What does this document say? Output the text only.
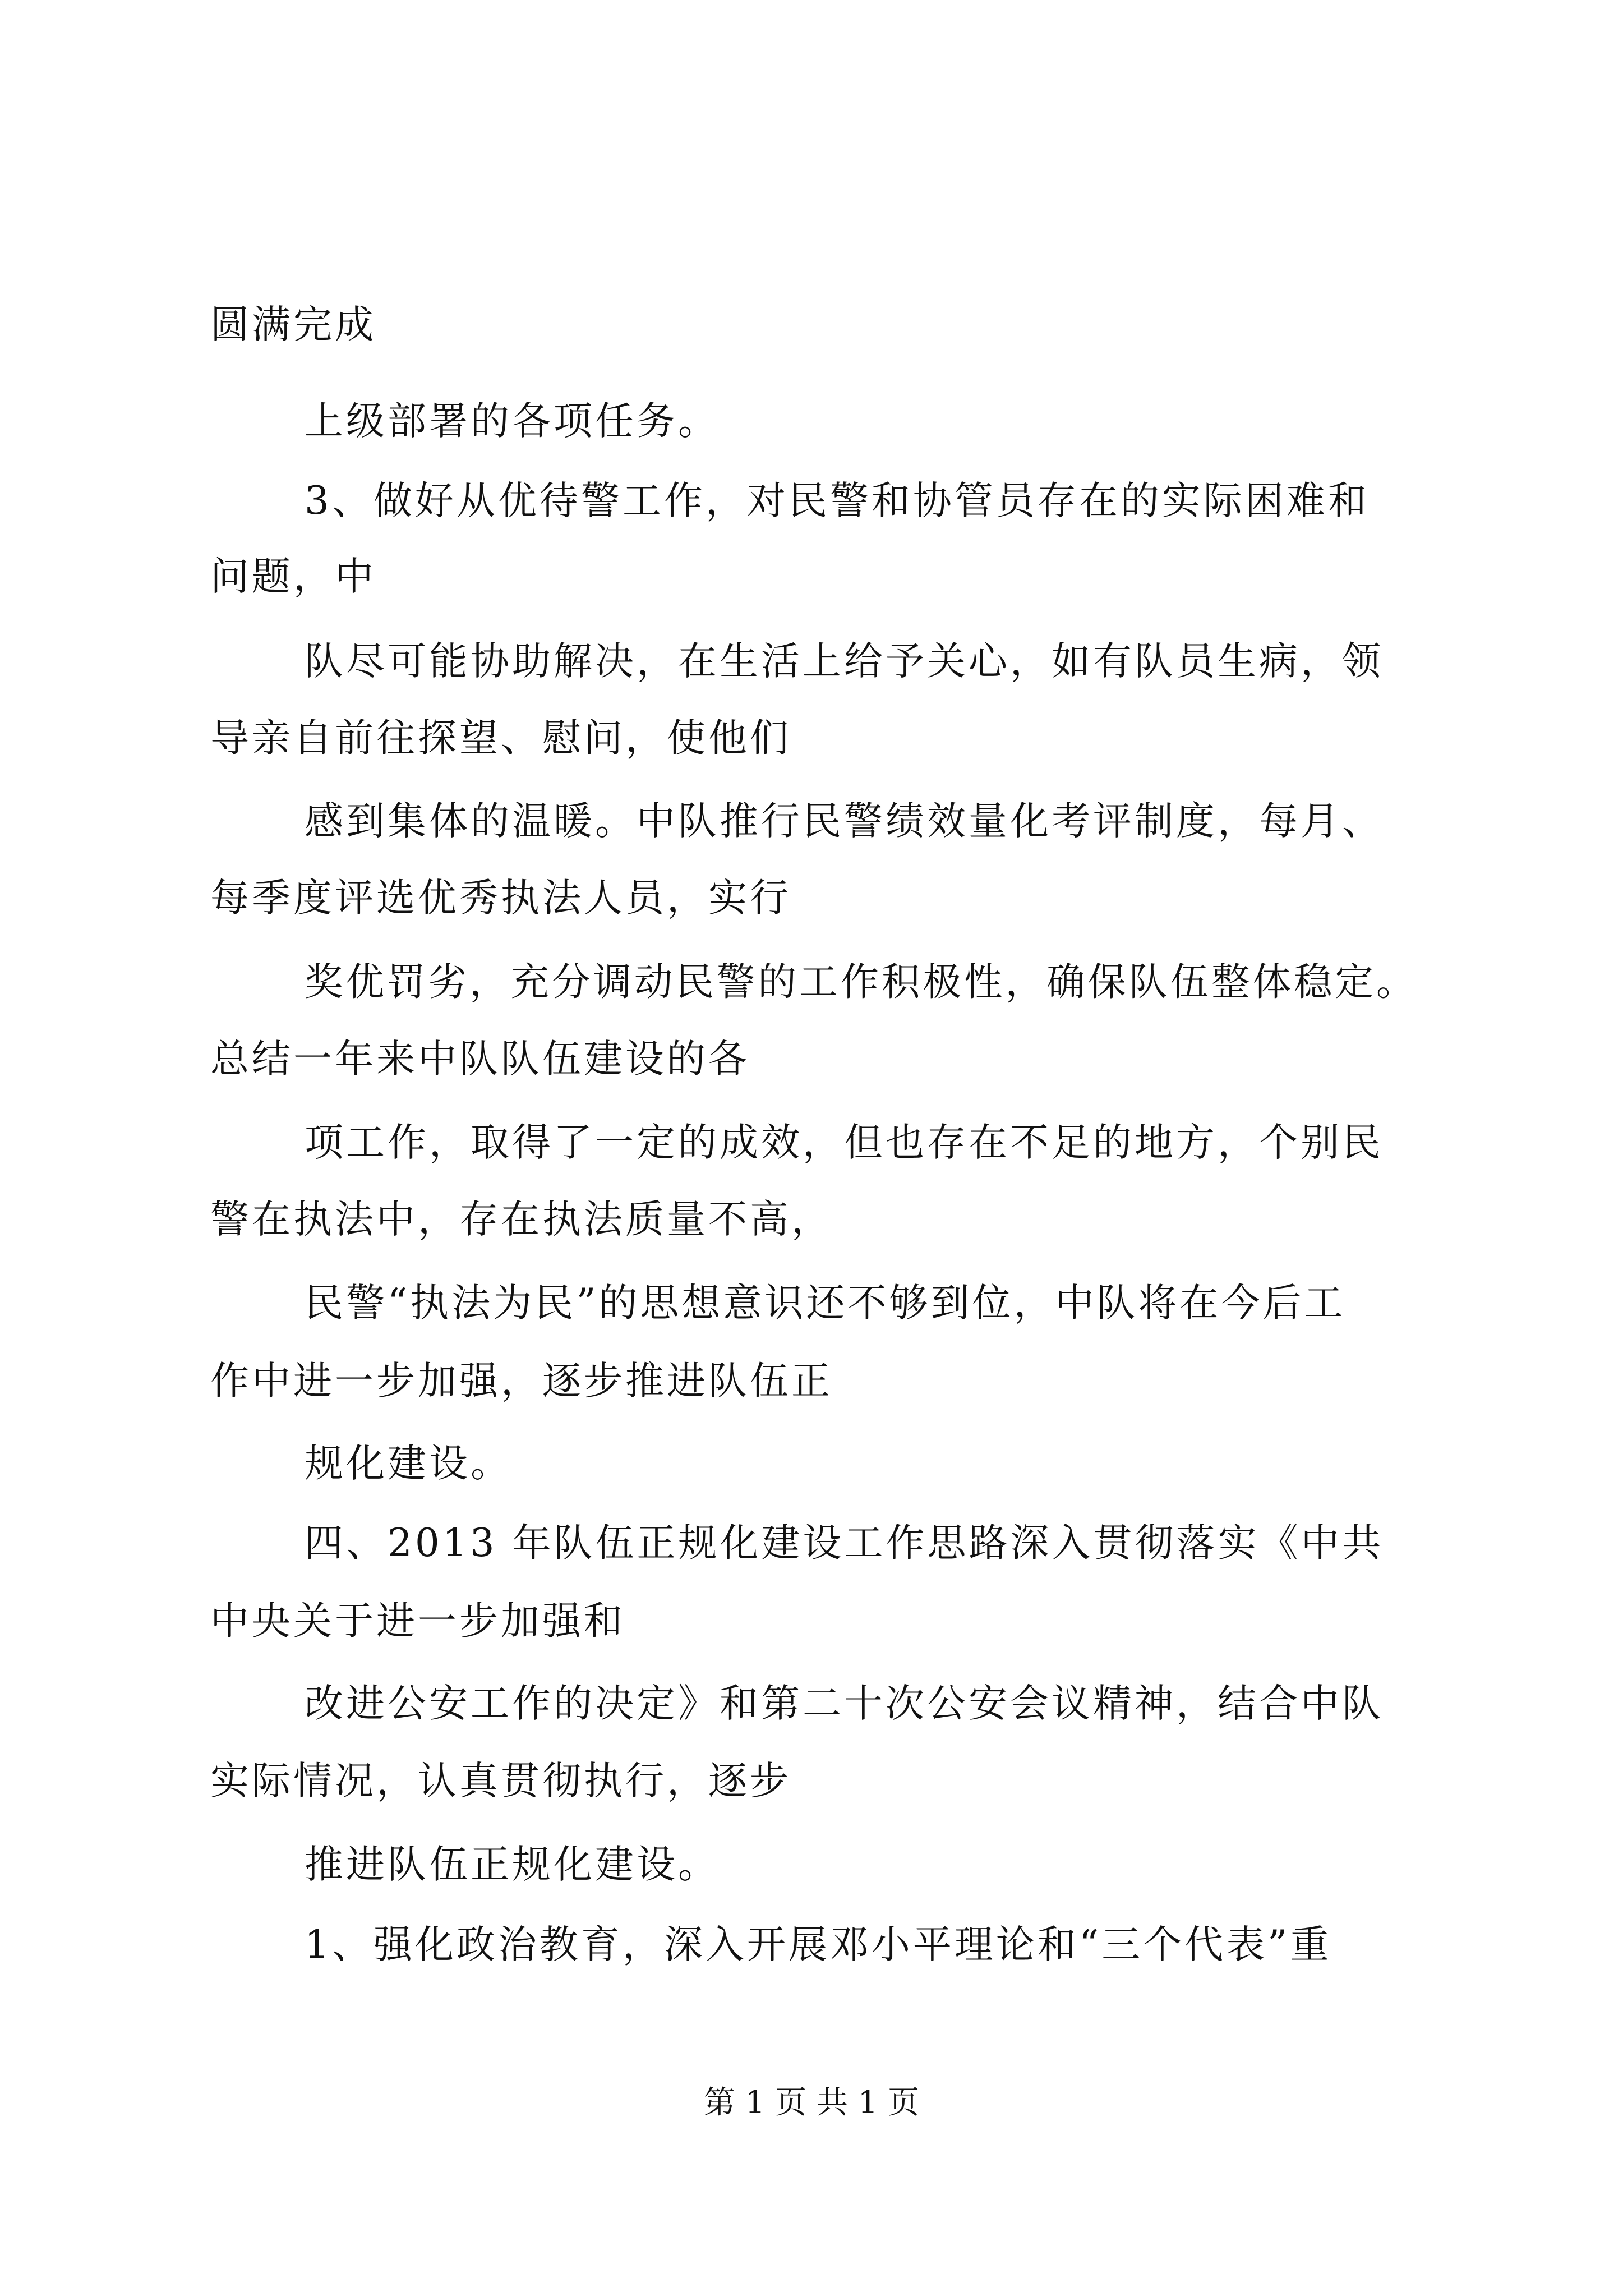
圆满完成
上级部署的各项任务。
3、做好从优待警工作，对民警和协管员存在的实际困难和
问题，中
队尽可能协助解决，在生活上给予关心，如有队员生病，领
导亲自前往探望、慰问，使他们
感到集体的温暖。中队推行民警绩效量化考评制度，每月、
每季度评选优秀执法人员，实行
奖优罚劣，充分调动民警的工作积极性，确保队伍整体稳定。
总结一年来中队队伍建设的各
项工作，取得了一定的成效，但也存在不足的地方，个别民
警在执法中，存在执法质量不高，
民警“执法为民”的思想意识还不够到位，中队将在今后工
作中进一步加强，逐步推进队伍正
规化建设。
四、2013 年队伍正规化建设工作思路深入贯彻落实《中共
中央关于进一步加强和
改进公安工作的决定》和第二十次公安会议精神，结合中队
实际情况，认真贯彻执行，逐步
推进队伍正规化建设。
1、强化政治教育，深入开展邓小平理论和“三个代表”重
第 1 页 共 1 页
